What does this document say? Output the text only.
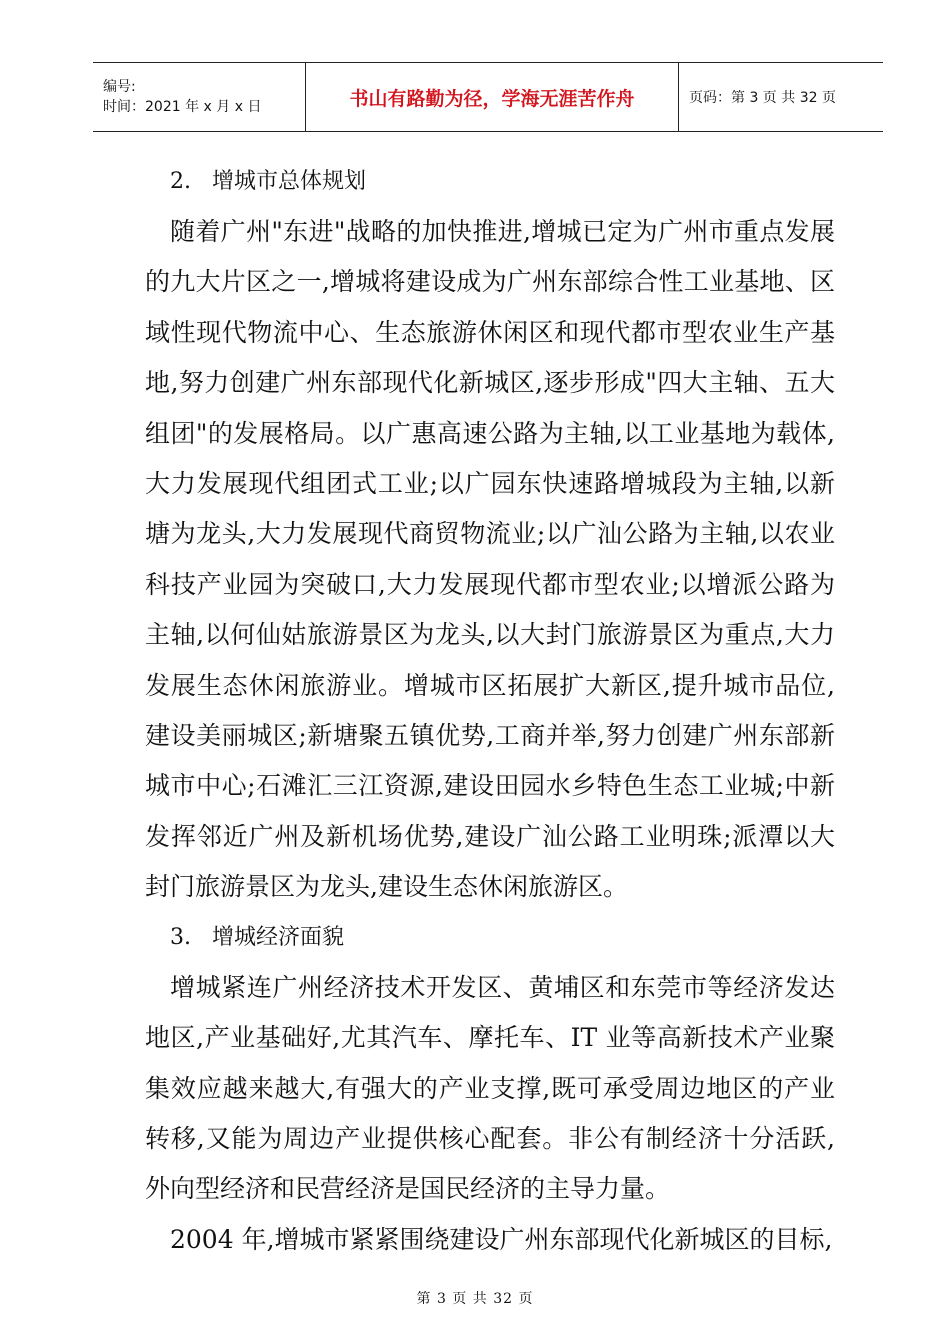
编号:
时间：2021 年 x 月 x 日	书山有路勤为径，学海无涯苦作舟	页码：第 3 页 共 32 页
2. 增城市总体规划

随着广州"东进"战略的加快推进,增城已定为广州市重点发展的九大片区之一,增城将建设成为广州东部综合性工业基地、区域性现代物流中心、生态旅游休闲区和现代都市型农业生产基地,努力创建广州东部现代化新城区,逐步形成"四大主轴、五大组团"的发展格局。以广惠高速公路为主轴,以工业基地为载体,大力发展现代组团式工业;以广园东快速路增城段为主轴,以新塘为龙头,大力发展现代商贸物流业;以广汕公路为主轴,以农业科技产业园为突破口,大力发展现代都市型农业;以增派公路为主轴,以何仙姑旅游景区为龙头,以大封门旅游景区为重点,大力发展生态休闲旅游业。增城市区拓展扩大新区,提升城市品位,建设美丽城区;新塘聚五镇优势,工商并举,努力创建广州东部新城市中心;石滩汇三江资源,建设田园水乡特色生态工业城;中新发挥邻近广州及新机场优势,建设广汕公路工业明珠;派潭以大封门旅游景区为龙头,建设生态休闲旅游区。

3. 增城经济面貌

增城紧连广州经济技术开发区、黄埔区和东莞市等经济发达地区,产业基础好,尤其汽车、摩托车、IT 业等高新技术产业聚集效应越来越大,有强大的产业支撑,既可承受周边地区的产业转移,又能为周边产业提供核心配套。非公有制经济十分活跃,外向型经济和民营经济是国民经济的主导力量。

2004 年,增城市紧紧围绕建设广州东部现代化新城区的目标,

第 3 页 共 32 页
